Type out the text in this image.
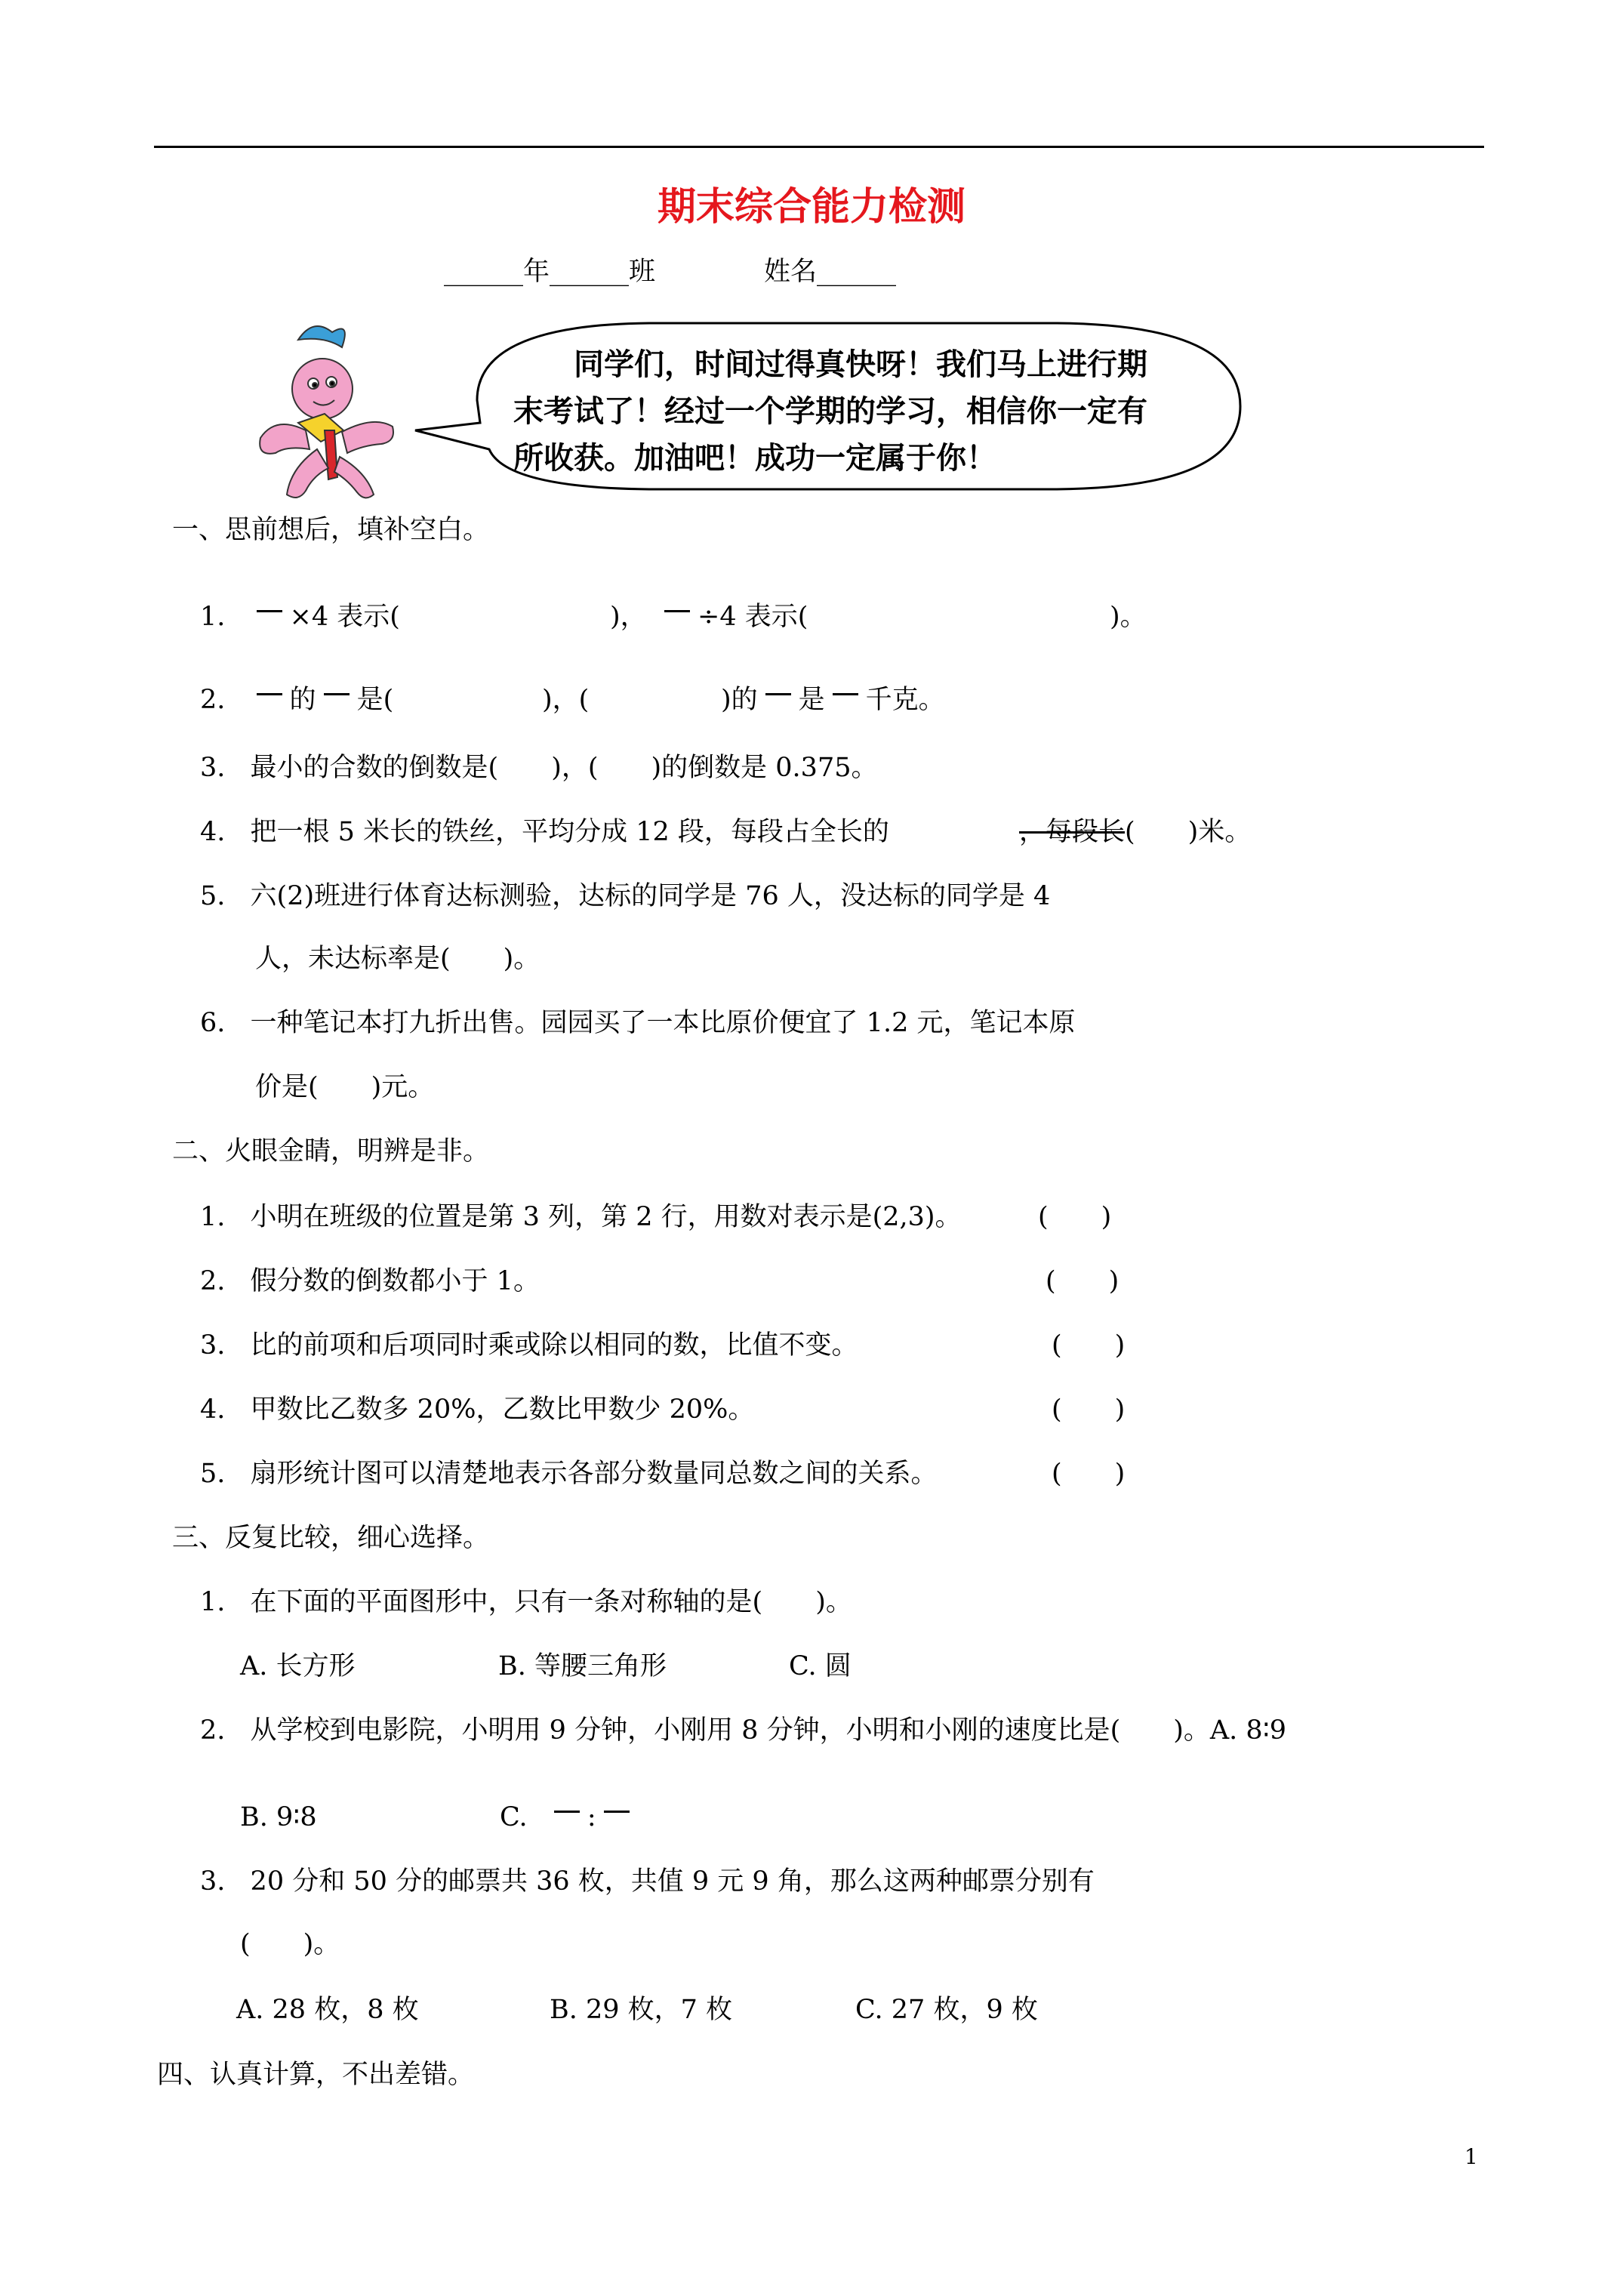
期末综合能力检测
______年______班	姓名______
　　同学们，时间过得真快呀！我们马上进行期
末考试了！经过一个学期的学习，相信你一定有
所收获。加油吧！成功一定属于你！
一、思前想后，填补空白。
1. ×4 表示(	)，	÷4 表示(	)。
2. 的 是(	)，(	)的 是 千克。
3. 最小的合数的倒数是(　　)，(　　)的倒数是 0.375。
4. 把一根 5 米长的铁丝，平均分成 12 段，每段占全长的	，每段长(　　)米。
5. 六(2)班进行体育达标测验，达标的同学是 76 人，没达标的同学是 4
人，未达标率是(　　)。
6. 一种笔记本打九折出售。园园买了一本比原价便宜了 1.2 元，笔记本原
价是(　　)元。
二、火眼金睛，明辨是非。
1. 小明在班级的位置是第 3 列，第 2 行，用数对表示是(2,3)。	(　　)
2. 假分数的倒数都小于 1。	(　　)
3. 比的前项和后项同时乘或除以相同的数，比值不变。	(　　)
4. 甲数比乙数多 20%，乙数比甲数少 20%。	(　　)
5. 扇形统计图可以清楚地表示各部分数量同总数之间的关系。	(　　)
三、反复比较，细心选择。
1. 在下面的平面图形中，只有一条对称轴的是(　　)。
A. 长方形	B. 等腰三角形	C. 圆
2. 从学校到电影院，小明用 9 分钟，小刚用 8 分钟，小明和小刚的速度比是(　　)。A. 8∶9
B. 9∶8	C. :
3. 20 分和 50 分的邮票共 36 枚，共值 9 元 9 角，那么这两种邮票分别有
(　　)。
A. 28 枚，8 枚	B. 29 枚，7 枚	C. 27 枚，9 枚
四、认真计算，不出差错。
1
